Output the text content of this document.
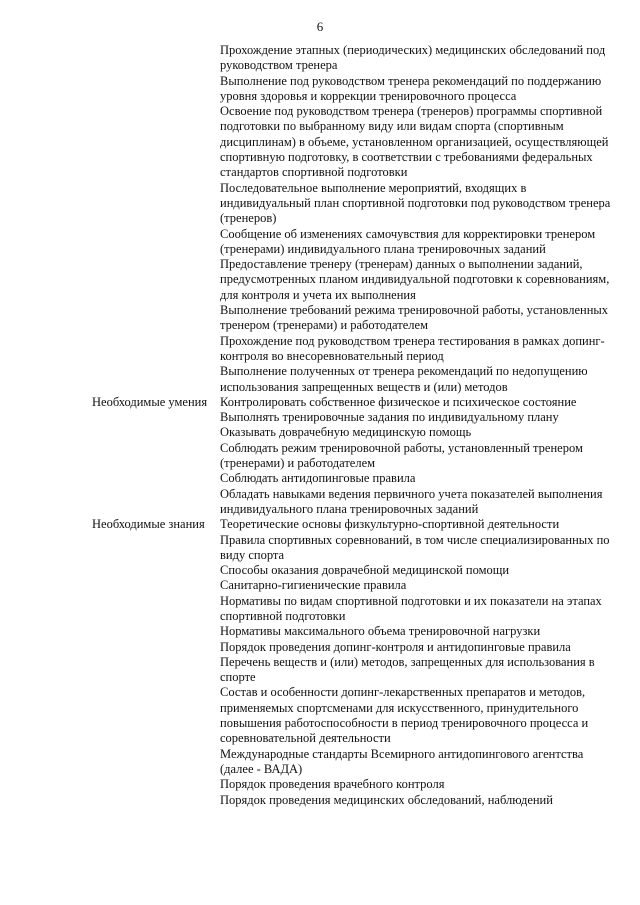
6

Прохождение этапных (периодических) медицинских обследований под руководством тренера

Выполнение под руководством тренера рекомендаций по поддержанию уровня здоровья и коррекции тренировочного процесса

Освоение под руководством тренера (тренеров) программы спортивной подготовки по выбранному виду или видам спорта (спортивным дисциплинам) в объеме, установленном организацией, осуществляющей спортивную подготовку, в соответствии с требованиями федеральных стандартов спортивной подготовки

Последовательное выполнение мероприятий, входящих в индивидуальный план спортивной подготовки под руководством тренера (тренеров)

Сообщение об изменениях самочувствия для корректировки тренером (тренерами) индивидуального плана тренировочных заданий

Предоставление тренеру (тренерам) данных о выполнении заданий, предусмотренных планом индивидуальной подготовки к соревнованиям, для контроля и учета их выполнения

Выполнение требований режима тренировочной работы, установленных тренером (тренерами) и работодателем

Прохождение под руководством тренера тестирования в рамках допинг-контроля во внесоревновательный период

Выполнение полученных от тренера рекомендаций по недопущению использования запрещенных веществ и (или) методов

Необходимые умения	Контролировать собственное физическое и психическое состояние

Выполнять тренировочные задания по индивидуальному плану

Оказывать доврачебную медицинскую помощь

Соблюдать режим тренировочной работы, установленный тренером (тренерами) и работодателем

Соблюдать антидопинговые правила

Обладать навыками ведения первичного учета показателей выполнения индивидуального плана тренировочных заданий

Необходимые знания	Теоретические основы физкультурно-спортивной деятельности

Правила спортивных соревнований, в том числе специализированных по виду спорта

Способы оказания доврачебной медицинской помощи

Санитарно-гигиенические правила

Нормативы по видам спортивной подготовки и их показатели на этапах спортивной подготовки

Нормативы максимального объема тренировочной нагрузки

Порядок проведения допинг-контроля и антидопинговые правила

Перечень веществ и (или) методов, запрещенных для использования в спорте

Состав и особенности допинг-лекарственных препаратов и методов, применяемых спортсменами для искусственного, принудительного повышения работоспособности в период тренировочного процесса и соревновательной деятельности

Международные стандарты Всемирного антидопингового агентства (далее - ВАДА)

Порядок проведения врачебного контроля

Порядок проведения медицинских обследований, наблюдений
